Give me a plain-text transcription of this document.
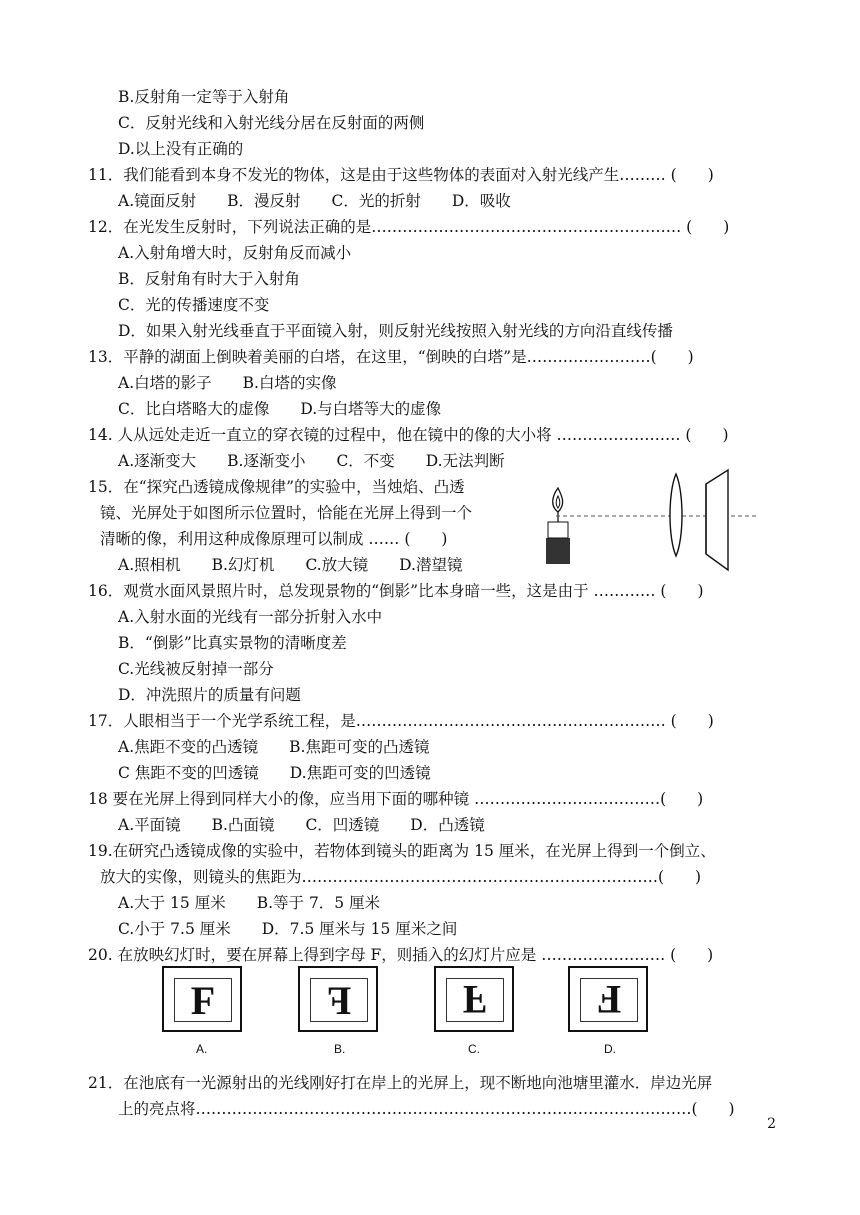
B.反射角一定等于入射角
C．反射光线和入射光线分居在反射面的两侧
D.以上没有正确的
11．我们能看到本身不发光的物体，这是由于这些物体的表面对入射光线产生……… (　　)
A.镜面反射　　B．漫反射　　C．光的折射　　D．吸收
12．在光发生反射时，下列说法正确的是…………………………………………………… (　　)
A.入射角增大时，反射角反而减小
B．反射角有时大于入射角
C．光的传播速度不变
D．如果入射光线垂直于平面镜入射，则反射光线按照入射光线的方向沿直线传播
13．平静的湖面上倒映着美丽的白塔，在这里，“倒映的白塔”是……………………(　　)
A.白塔的影子　　B.白塔的实像
C．比白塔略大的虚像　　D.与白塔等大的虚像
14. 人从远处走近一直立的穿衣镜的过程中，他在镜中的像的大小将 …………………… (　　)
A.逐渐变大　　B.逐渐变小　　C．不变　　D.无法判断
15．在“探究凸透镜成像规律”的实验中，当烛焰、凸透
镜、光屏处于如图所示位置时，恰能在光屏上得到一个
清晰的像，利用这种成像原理可以制成 …… (　　)
A.照相机　　B.幻灯机　　C.放大镜　　D.潜望镜
16．观赏水面风景照片时，总发现景物的“倒影”比本身暗一些，这是由于 ………… (　　)
A.入射水面的光线有一部分折射入水中
B．“倒影”比真实景物的清晰度差
C.光线被反射掉一部分
D．冲洗照片的质量有问题
17．人眼相当于一个光学系统工程，是…………………………………………………… (　　)
A.焦距不变的凸透镜　　B.焦距可变的凸透镜
C 焦距不变的凹透镜　　D.焦距可变的凹透镜
18 要在光屏上得到同样大小的像，应当用下面的哪种镜 ………………………………(　　)
A.平面镜　　B.凸面镜　　C．凹透镜　　D．凸透镜
19.在研究凸透镜成像的实验中，若物体到镜头的距离为 15 厘米，在光屏上得到一个倒立、
放大的实像，则镜头的焦距为……………………………………………………………(　　)
A.大于 15 厘米　　B.等于 7．5 厘米
C.小于 7.5 厘米　　D．7.5 厘米与 15 厘米之间
20. 在放映幻灯时，要在屏幕上得到字母 F，则插入的幻灯片应是 …………………… (　　)
21．在池底有一光源射出的光线刚好打在岸上的光屏上，现不断地向池塘里灌水．岸边光屏
上的亮点将……………………………………………………………………………………(　　)
F
A.
F
B.
F
C.
F
D.
2
